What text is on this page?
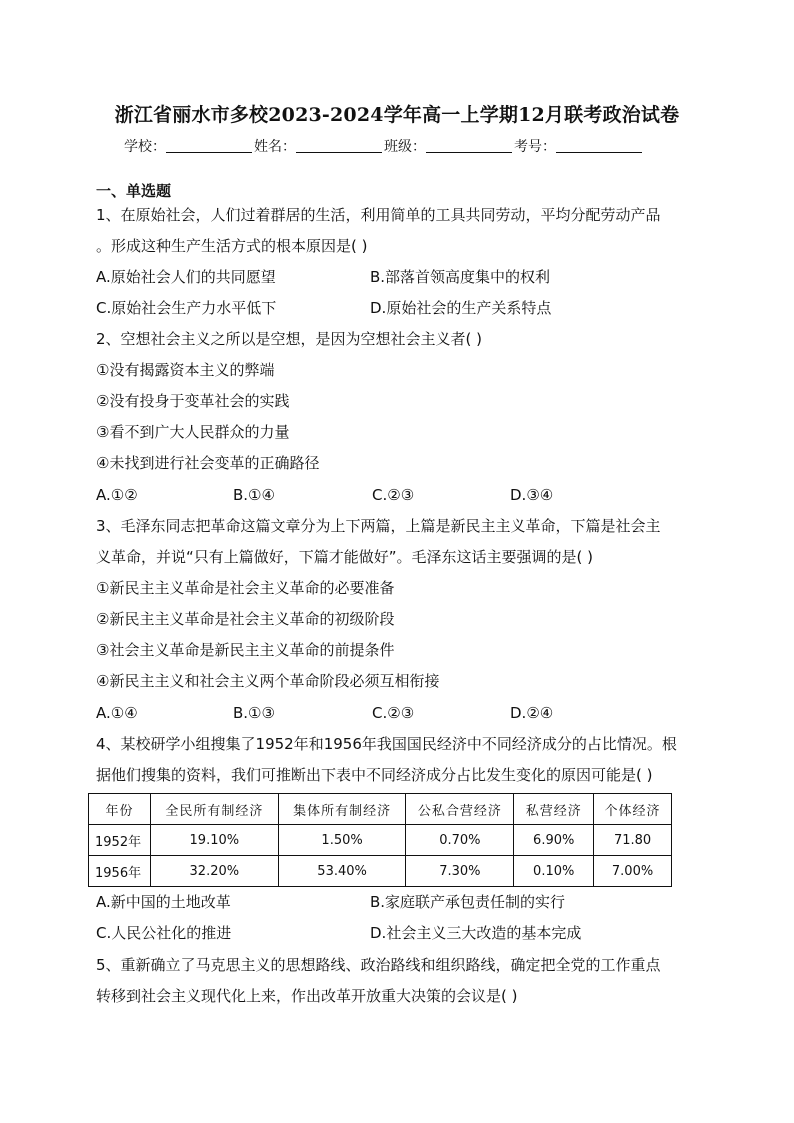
浙江省丽水市多校2023-2024学年高一上学期12月联考政治试卷
学校：	姓名：	班级：	考号：
一、单选题
1、在原始社会，人们过着群居的生活，利用简单的工具共同劳动，平均分配劳动产品
。形成这种生产生活方式的根本原因是( )
A.原始社会人们的共同愿望	B.部落首领高度集中的权利
C.原始社会生产力水平低下	D.原始社会的生产关系特点
2、空想社会主义之所以是空想，是因为空想社会主义者( )
①没有揭露资本主义的弊端
②没有投身于变革社会的实践
③看不到广大人民群众的力量
④未找到进行社会变革的正确路径
A.①②	B.①④	C.②③	D.③④
3、毛泽东同志把革命这篇文章分为上下两篇，上篇是新民主主义革命，下篇是社会主
义革命，并说“只有上篇做好，下篇才能做好”。毛泽东这话主要强调的是( )
①新民主主义革命是社会主义革命的必要准备
②新民主主义革命是社会主义革命的初级阶段
③社会主义革命是新民主主义革命的前提条件
④新民主主义和社会主义两个革命阶段必须互相衔接
A.①④	B.①③	C.②③	D.②④
4、某校研学小组搜集了1952年和1956年我国国民经济中不同经济成分的占比情况。根
据他们搜集的资料，我们可推断出下表中不同经济成分占比发生变化的原因可能是( )
年份	全民所有制经济	集体所有制经济	公私合营经济	私营经济	个体经济
1952年	19.10%	1.50%	0.70%	6.90%	71.80
1956年	32.20%	53.40%	7.30%	0.10%	7.00%
A.新中国的土地改革	B.家庭联产承包责任制的实行
C.人民公社化的推进	D.社会主义三大改造的基本完成
5、重新确立了马克思主义的思想路线、政治路线和组织路线，确定把全党的工作重点
转移到社会主义现代化上来，作出改革开放重大决策的会议是( )
